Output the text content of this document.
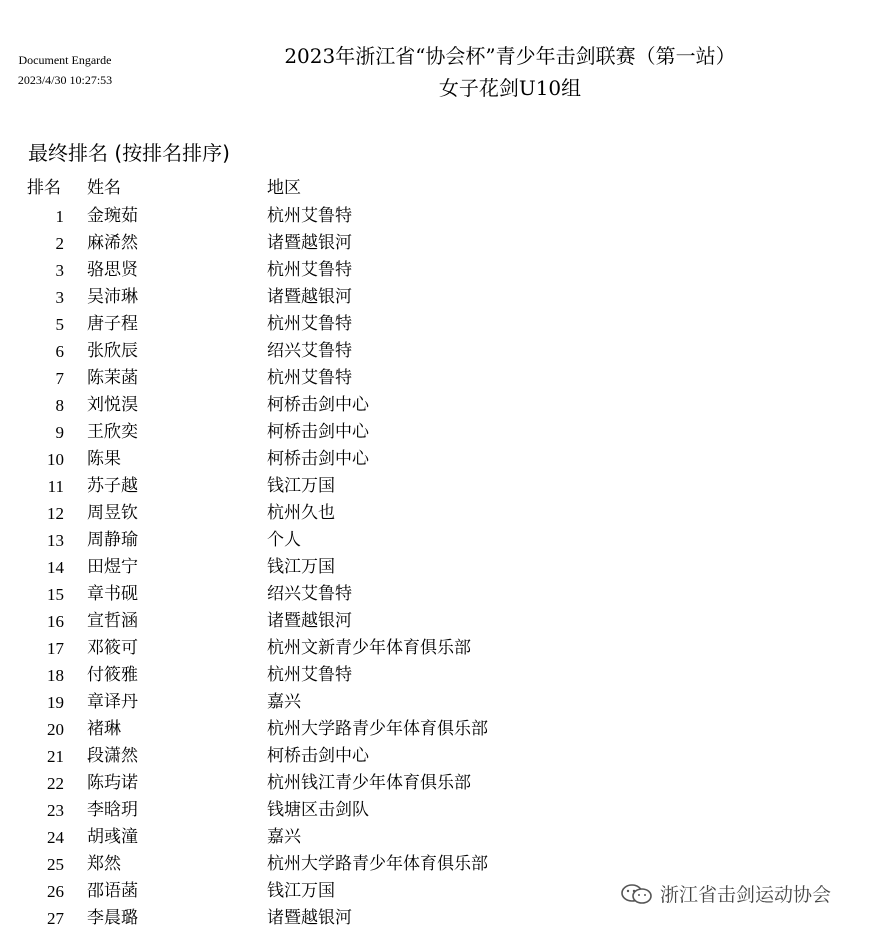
Document Engarde
2023/4/30 10:27:53
2023年浙江省“协会杯”青少年击剑联赛（第一站）
女子花剑U10组
最终排名 (按排名排序)
排名 姓名	地区
1 金琬茹	杭州艾鲁特
2 麻浠然	诸暨越银河
3 骆思贤	杭州艾鲁特
3 吴沛琳	诸暨越银河
5 唐子程	杭州艾鲁特
6 张欣辰	绍兴艾鲁特
7 陈茉菡	杭州艾鲁特
8 刘悦淏	柯桥击剑中心
9 王欣奕	柯桥击剑中心
10 陈果	柯桥击剑中心
11 苏子越	钱江万国
12 周昱钦	杭州久也
13 周静瑜	个人
14 田煜宁	钱江万国
15 章书砚	绍兴艾鲁特
16 宣哲涵	诸暨越银河
17 邓筱可	杭州文新青少年体育俱乐部
18 付筱雅	杭州艾鲁特
19 章译丹	嘉兴
20 褚琳	杭州大学路青少年体育俱乐部
21 段潇然	柯桥击剑中心
22 陈玙诺	杭州钱江青少年体育俱乐部
23 李晗玥	钱塘区击剑队
24 胡彧潼	嘉兴
25 郑然	杭州大学路青少年体育俱乐部
26 邵语菡	钱江万国
27 李晨璐	诸暨越银河
浙江省击剑运动协会
